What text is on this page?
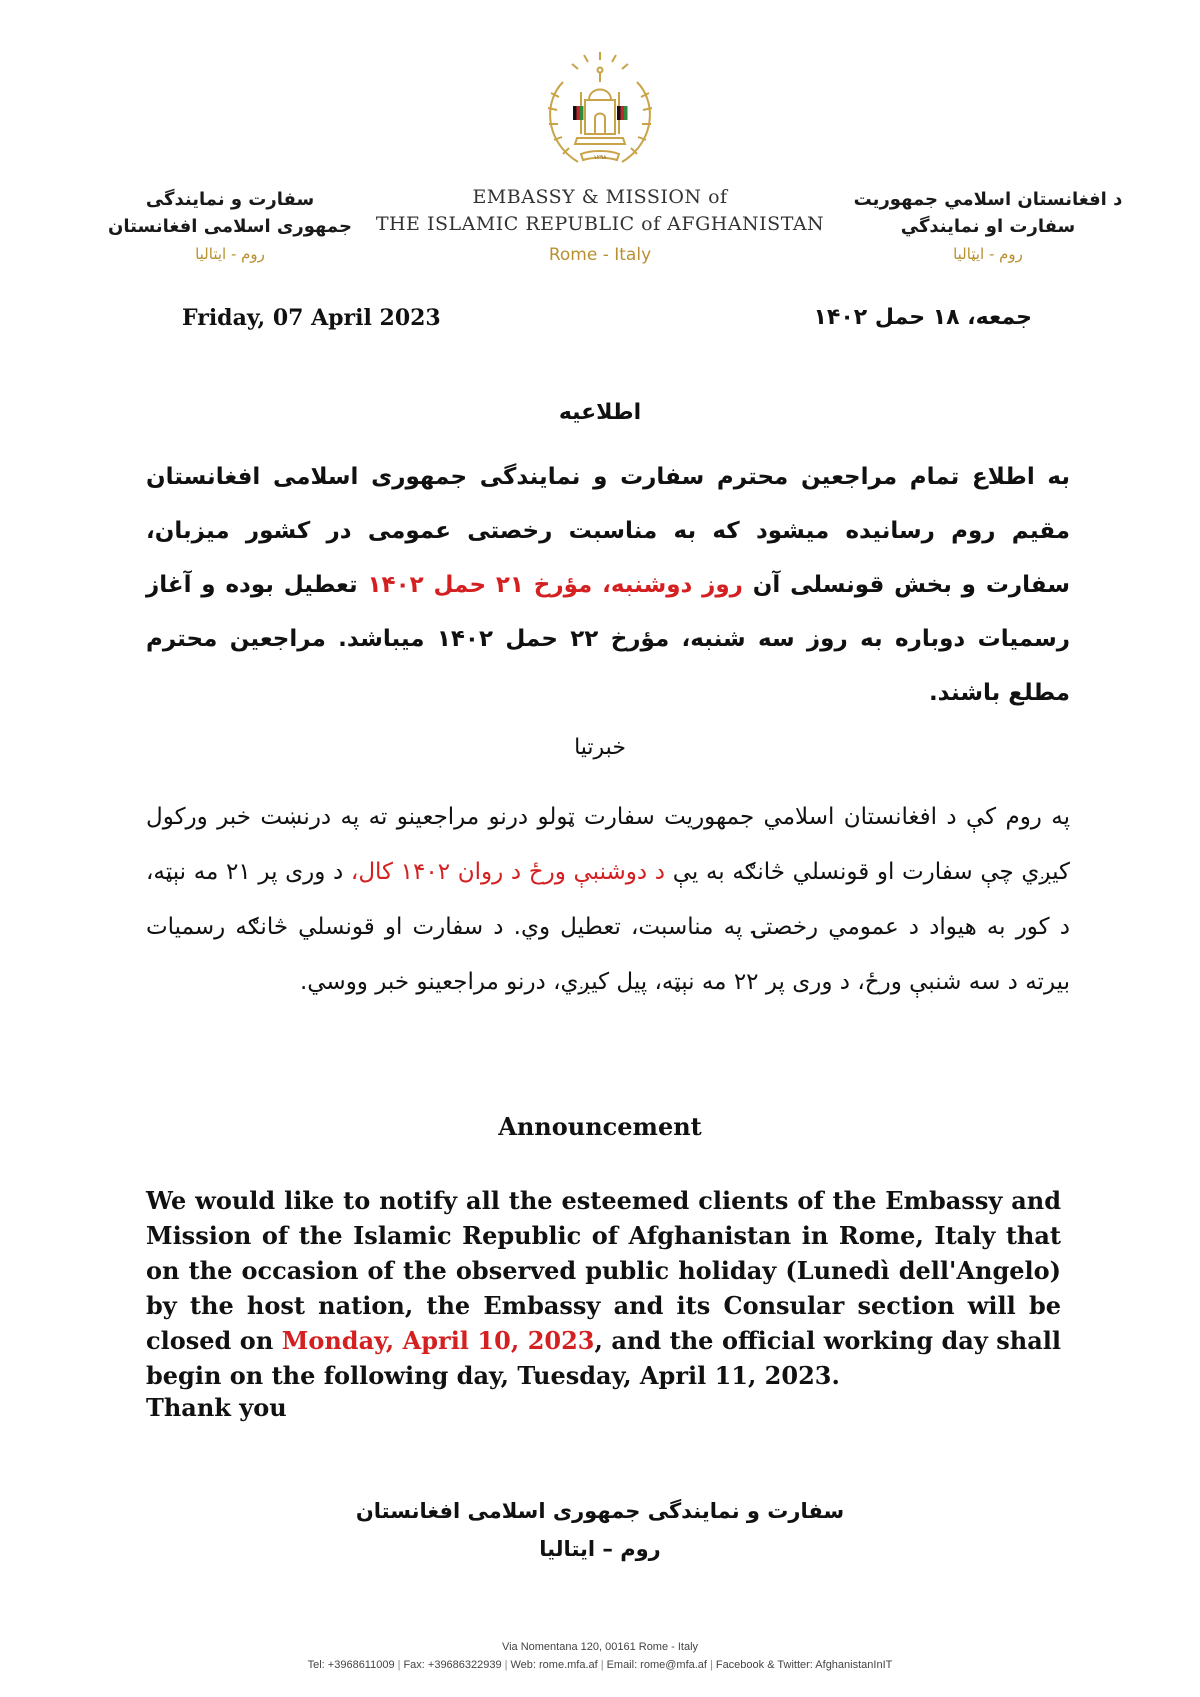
سفارت و نمایندگی
جمهوری اسلامی افغانستان
روم - ایتالیا
۱۲۹۸
EMBASSY & MISSION of
THE ISLAMIC REPUBLIC of AFGHANISTAN
Rome - Italy
د افغانستان اسلامي جمهوریت
سفارت او نمایندگي
روم - ایټالیا
Friday, 07 April 2023	جمعه، ۱۸ حمل ۱۴۰۲
اطلاعیه
به اطلاع تمام مراجعین محترم سفارت و نمایندگی جمهوری اسلامی افغانستان مقیم روم رسانیده میشود که به مناسبت رخصتی عمومی در کشور میزبان، سفارت و بخش قونسلی آن روز دوشنبه، مؤرخ ۲۱ حمل ۱۴۰۲ تعطیل بوده و آغاز رسمیات دوباره به روز سه شنبه، مؤرخ ۲۲ حمل ۱۴۰۲ میباشد. مراجعین محترم مطلع باشند.
خبرتیا
په روم کې د افغانستان اسلامي جمهوریت سفارت ټولو درنو مراجعینو ته په درنښت خبر ورکول کیږي چې سفارت او قونسلي څانګه به یې د دوشنبې ورځ د روان ۱۴۰۲ کال، د وری پر ۲۱ مه نېټه، د کور به هیواد د عمومي رخصتۍ په مناسبت، تعطیل وي. د سفارت او قونسلي څانګه رسمیات بیرته د سه شنبې ورځ، د وری پر ۲۲ مه نېټه، پیل کیږي، درنو مراجعینو خبر ووسي.
Announcement
We would like to notify all the esteemed clients of the Embassy and Mission of the Islamic Republic of Afghanistan in Rome, Italy that on the occasion of the observed public holiday (Lunedì dell'Angelo) by the host nation, the Embassy and its Consular section will be closed on Monday, April 10, 2023, and the official working day shall begin on the following day, Tuesday, April 11, 2023.
Thank you
سفارت و نمایندگی جمهوری اسلامی افغانستان
روم – ایتالیا
Via Nomentana 120, 00161 Rome - Italy
Tel: +3968611009 | Fax: +39686322939 | Web: rome.mfa.af | Email: rome@mfa.af | Facebook & Twitter: AfghanistanInIT
